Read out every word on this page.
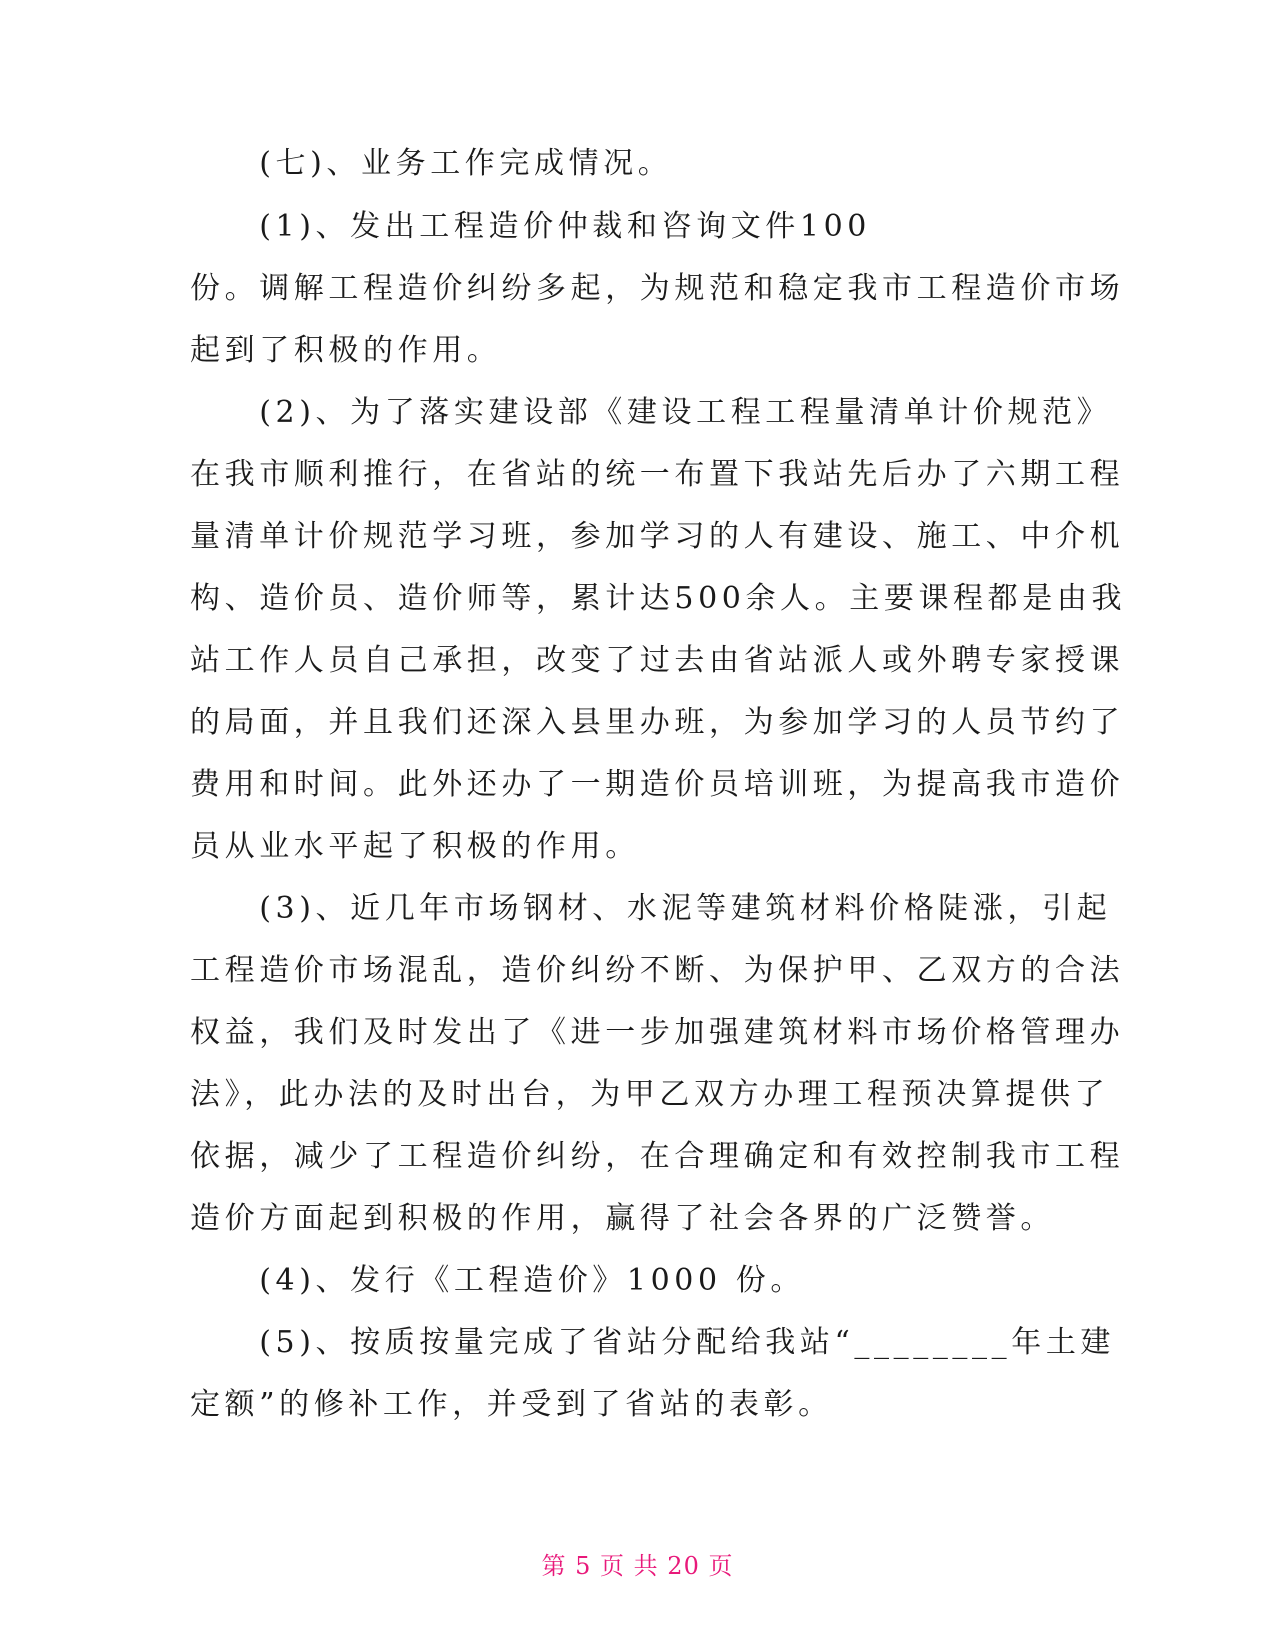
　　(七)、业务工作完成情况。
　　(1)、发出工程造价仲裁和咨询文件100
份。调解工程造价纠纷多起，为规范和稳定我市工程造价市场
起到了积极的作用。
　　(2)、为了落实建设部《建设工程工程量清单计价规范》
在我市顺利推行，在省站的统一布置下我站先后办了六期工程
量清单计价规范学习班，参加学习的人有建设、施工、中介机
构、造价员、造价师等，累计达500余人。主要课程都是由我
站工作人员自己承担，改变了过去由省站派人或外聘专家授课
的局面，并且我们还深入县里办班，为参加学习的人员节约了
费用和时间。此外还办了一期造价员培训班，为提高我市造价
员从业水平起了积极的作用。
　　(3)、近几年市场钢材、水泥等建筑材料价格陡涨，引起
工程造价市场混乱，造价纠纷不断、为保护甲、乙双方的合法
权益，我们及时发出了《进一步加强建筑材料市场价格管理办
法》，此办法的及时出台，为甲乙双方办理工程预决算提供了
依据，减少了工程造价纠纷，在合理确定和有效控制我市工程
造价方面起到积极的作用，赢得了社会各界的广泛赞誉。
　　(4)、发行《工程造价》1000 份。
　　(5)、按质按量完成了省站分配给我站“________年土建
定额”的修补工作，并受到了省站的表彰。
第 5 页 共 20 页
